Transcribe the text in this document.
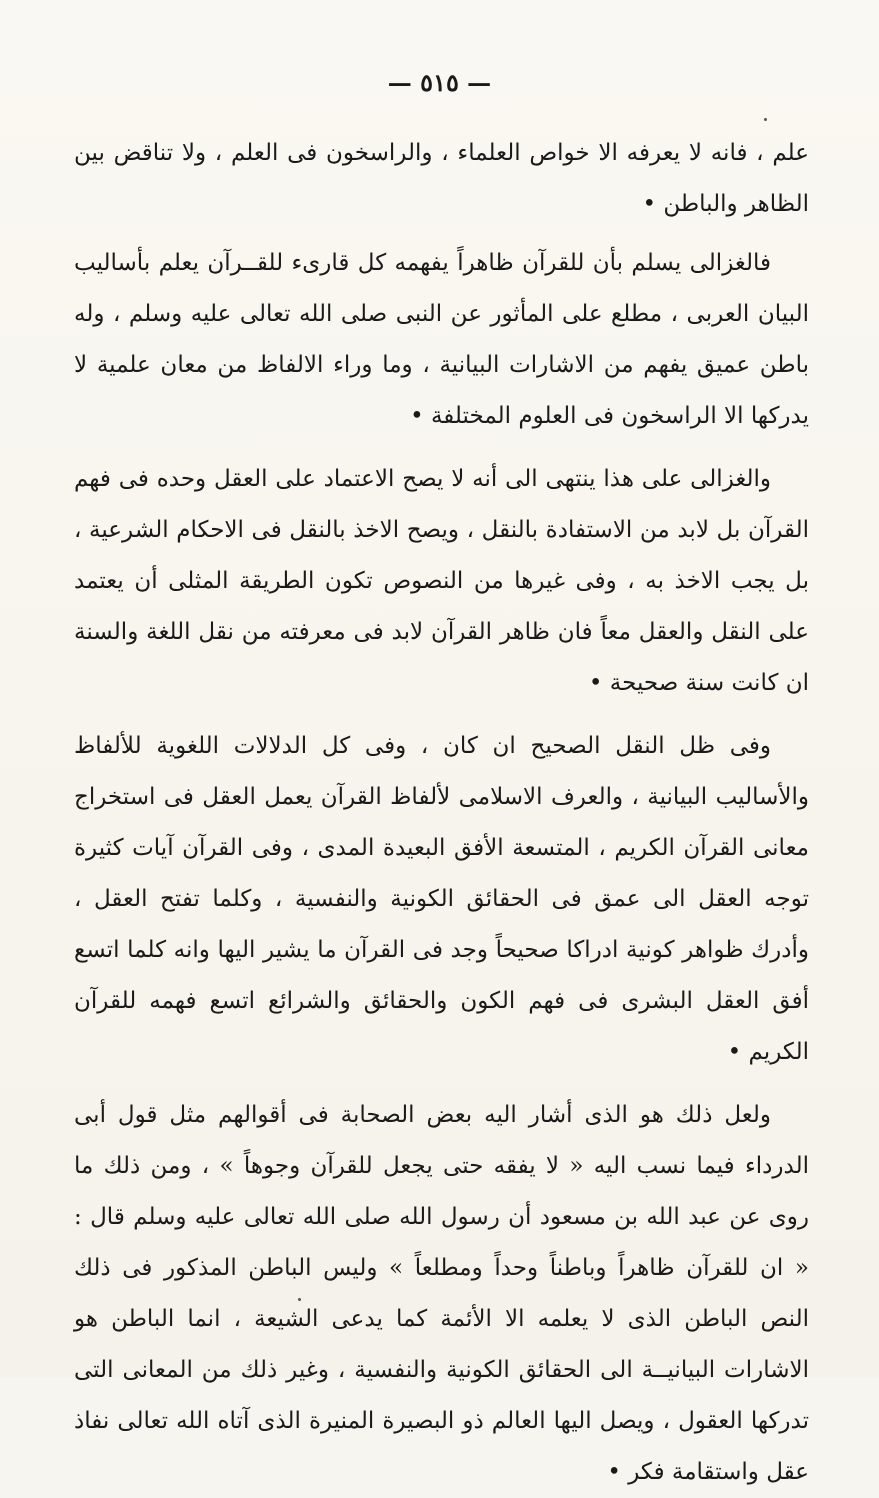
— ٥١٥ —

علم ، فانه لا يعرفه الا خواص العلماء ، والراسخون فى العلم ، ولا تناقض بين الظاهر والباطن •

فالغزالى يسلم بأن للقرآن ظاهراً يفهمه كل قارىء للقــرآن يعلم بأساليب البيان العربى ، مطلع على المأثور عن النبى صلى الله تعالى عليه وسلم ، وله باطن عميق يفهم من الاشارات البيانية ، وما وراء الالفاظ من معان علمية لا يدركها الا الراسخون فى العلوم المختلفة •

والغزالى على هذا ينتهى الى أنه لا يصح الاعتماد على العقل وحده فى فهم القرآن بل لابد من الاستفادة بالنقل ، ويصح الاخذ بالنقل فى الاحكام الشرعية ، بل يجب الاخذ به ، وفى غيرها من النصوص تكون الطريقة المثلى أن يعتمد على النقل والعقل معاً فان ظاهر القرآن لابد فى معرفته من نقل اللغة والسنة ان كانت سنة صحيحة •

وفى ظل النقل الصحيح ان كان ، وفى كل الدلالات اللغوية للألفاظ والأساليب البيانية ، والعرف الاسلامى لألفاظ القرآن يعمل العقل فى استخراج معانى القرآن الكريم ، المتسعة الأفق البعيدة المدى ، وفى القرآن آيات كثيرة توجه العقل الى عمق فى الحقائق الكونية والنفسية ، وكلما تفتح العقل ، وأدرك ظواهر كونية ادراكا صحيحاً وجد فى القرآن ما يشير اليها وانه كلما اتسع أفق العقل البشرى فى فهم الكون والحقائق والشرائع اتسع فهمه للقرآن الكريم •

ولعل ذلك هو الذى أشار اليه بعض الصحابة فى أقوالهم مثل قول أبى الدرداء فيما نسب اليه « لا يفقه حتى يجعل للقرآن وجوهاً » ، ومن ذلك ما روى عن عبد الله بن مسعود أن رسول الله صلى الله تعالى عليه وسلم قال : « ان للقرآن ظاهراً وباطناً وحداً ومطلعاً » وليس الباطن المذكور فى ذلك النص الباطن الذى لا يعلمه الا الأئمة كما يدعى الشيعة ، انما الباطن هو الاشارات البيانيــة الى الحقائق الكونية والنفسية ، وغير ذلك من المعانى التى تدركها العقول ، ويصل اليها العالم ذو البصيرة المنيرة الذى آتاه الله تعالى نفاذ عقل واستقامة فكر •
